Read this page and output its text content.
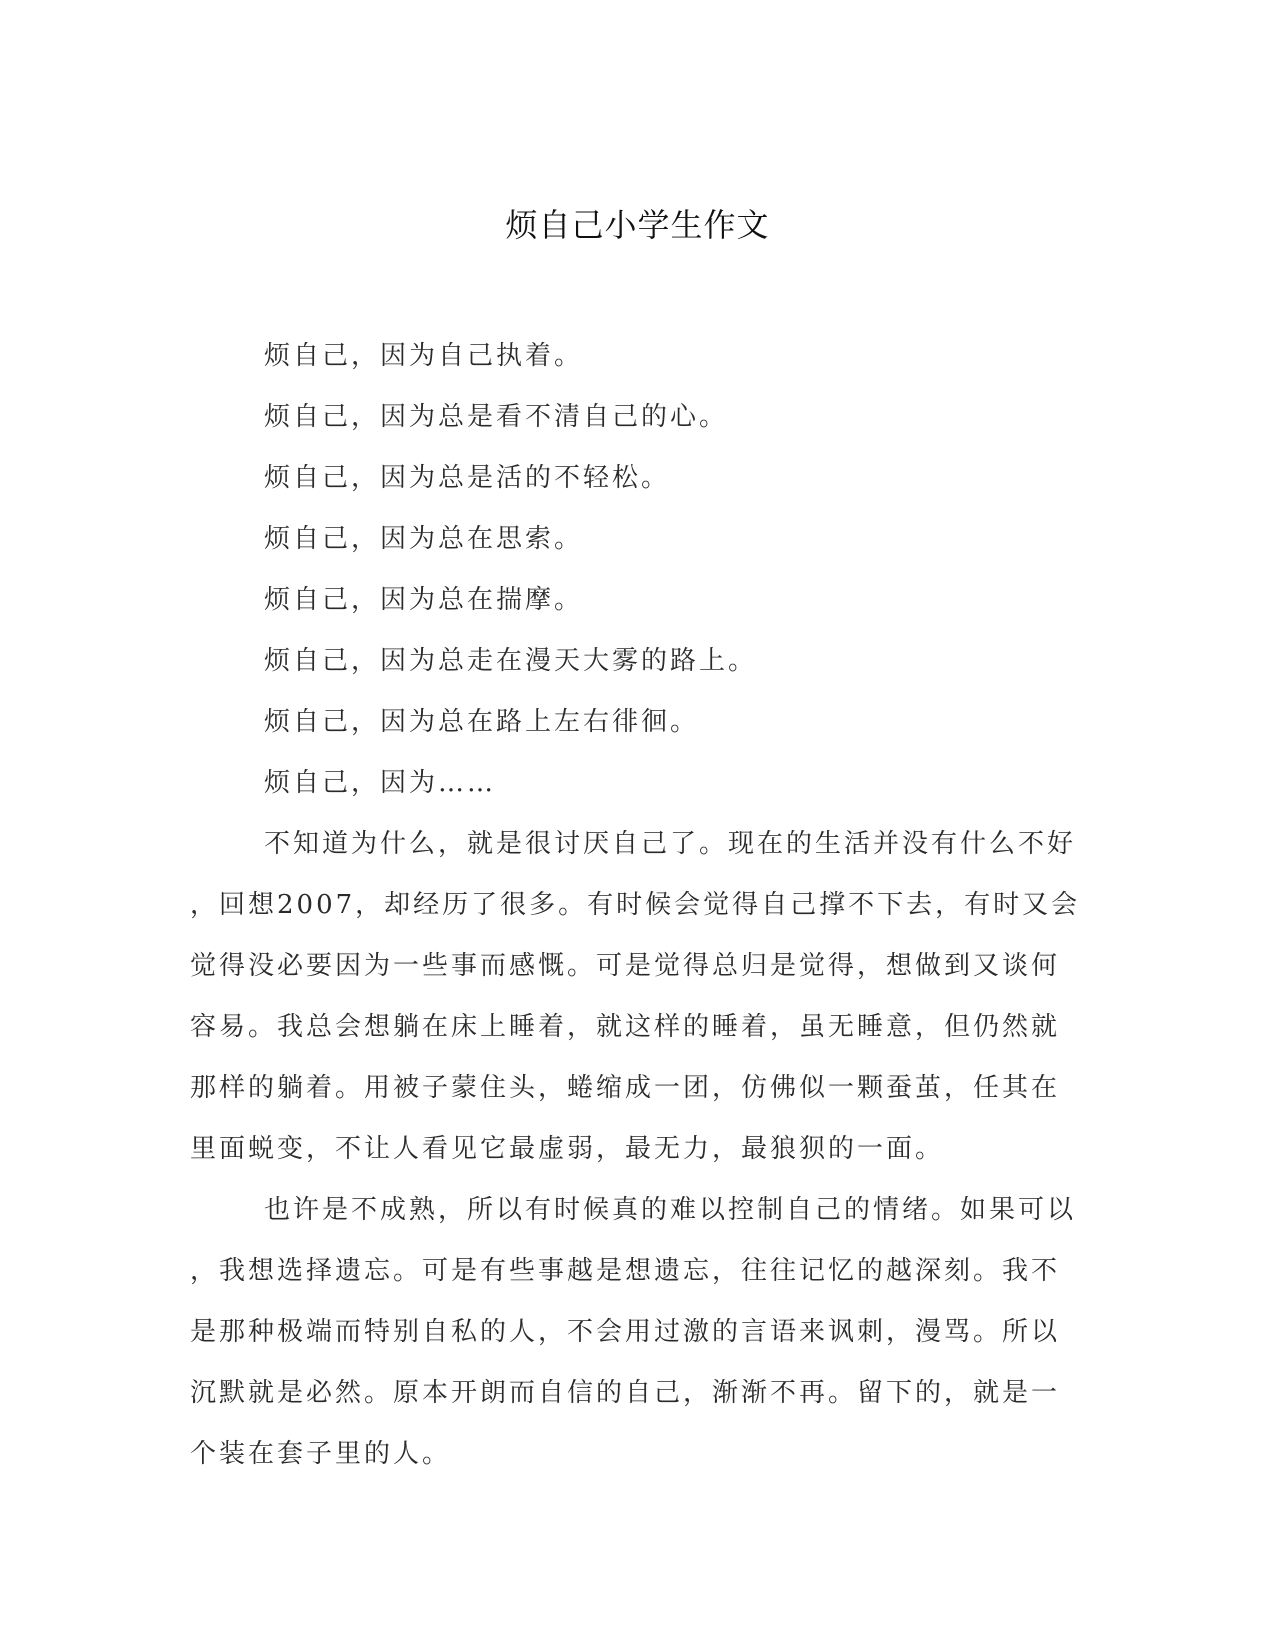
烦自己小学生作文

烦自己，因为自己执着。

烦自己，因为总是看不清自己的心。

烦自己，因为总是活的不轻松。

烦自己，因为总在思索。

烦自己，因为总在揣摩。

烦自己，因为总走在漫天大雾的路上。

烦自己，因为总在路上左右徘徊。

烦自己，因为……

不知道为什么，就是很讨厌自己了。现在的生活并没有什么不好
，回想2007，却经历了很多。有时候会觉得自己撑不下去，有时又会
觉得没必要因为一些事而感慨。可是觉得总归是觉得，想做到又谈何
容易。我总会想躺在床上睡着，就这样的睡着，虽无睡意，但仍然就
那样的躺着。用被子蒙住头，蜷缩成一团，仿佛似一颗蚕茧，任其在
里面蜕变，不让人看见它最虚弱，最无力，最狼狈的一面。
也许是不成熟，所以有时候真的难以控制自己的情绪。如果可以
，我想选择遗忘。可是有些事越是想遗忘，往往记忆的越深刻。我不
是那种极端而特别自私的人，不会用过激的言语来讽刺，漫骂。所以
沉默就是必然。原本开朗而自信的自己，渐渐不再。留下的，就是一
个装在套子里的人。
